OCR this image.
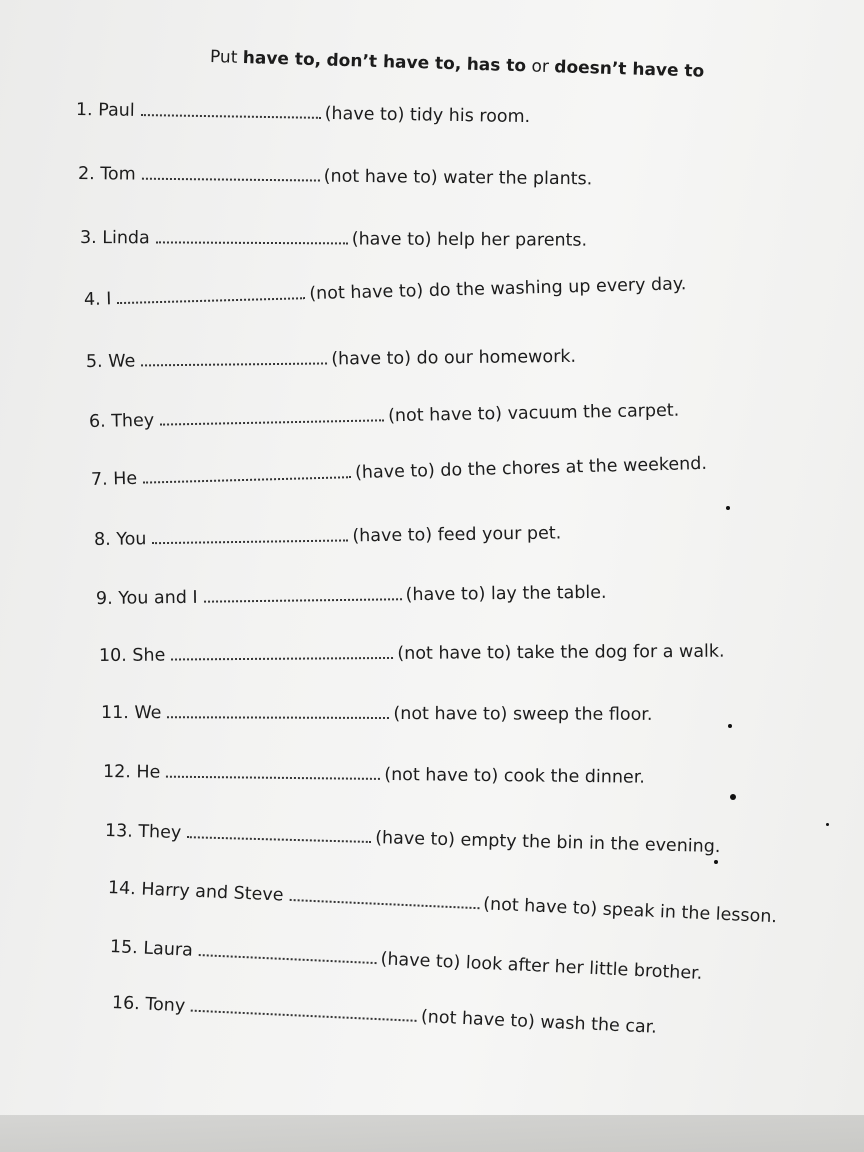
Put have to, don’t have to, has to or doesn’t have to
1. Paul	(have to) tidy his room.
2. Tom	(not have to) water the plants.
3. Linda	(have to) help her parents.
4. I	(not have to) do the washing up every day.
5. We	(have to) do our homework.
6. They	(not have to) vacuum the carpet.
7. He	(have to) do the chores at the weekend.
8. You	(have to) feed your pet.
9. You and I	(have to) lay the table.
10. She	(not have to) take the dog for a walk.
11. We	(not have to) sweep the floor.
12. He	(not have to) cook the dinner.
13. They	(have to) empty the bin in the evening.
14. Harry and Steve(not have to) speak in the lesson.
15. Laura(have to) look after her little brother.
16. Tony(not have to) wash the car.
